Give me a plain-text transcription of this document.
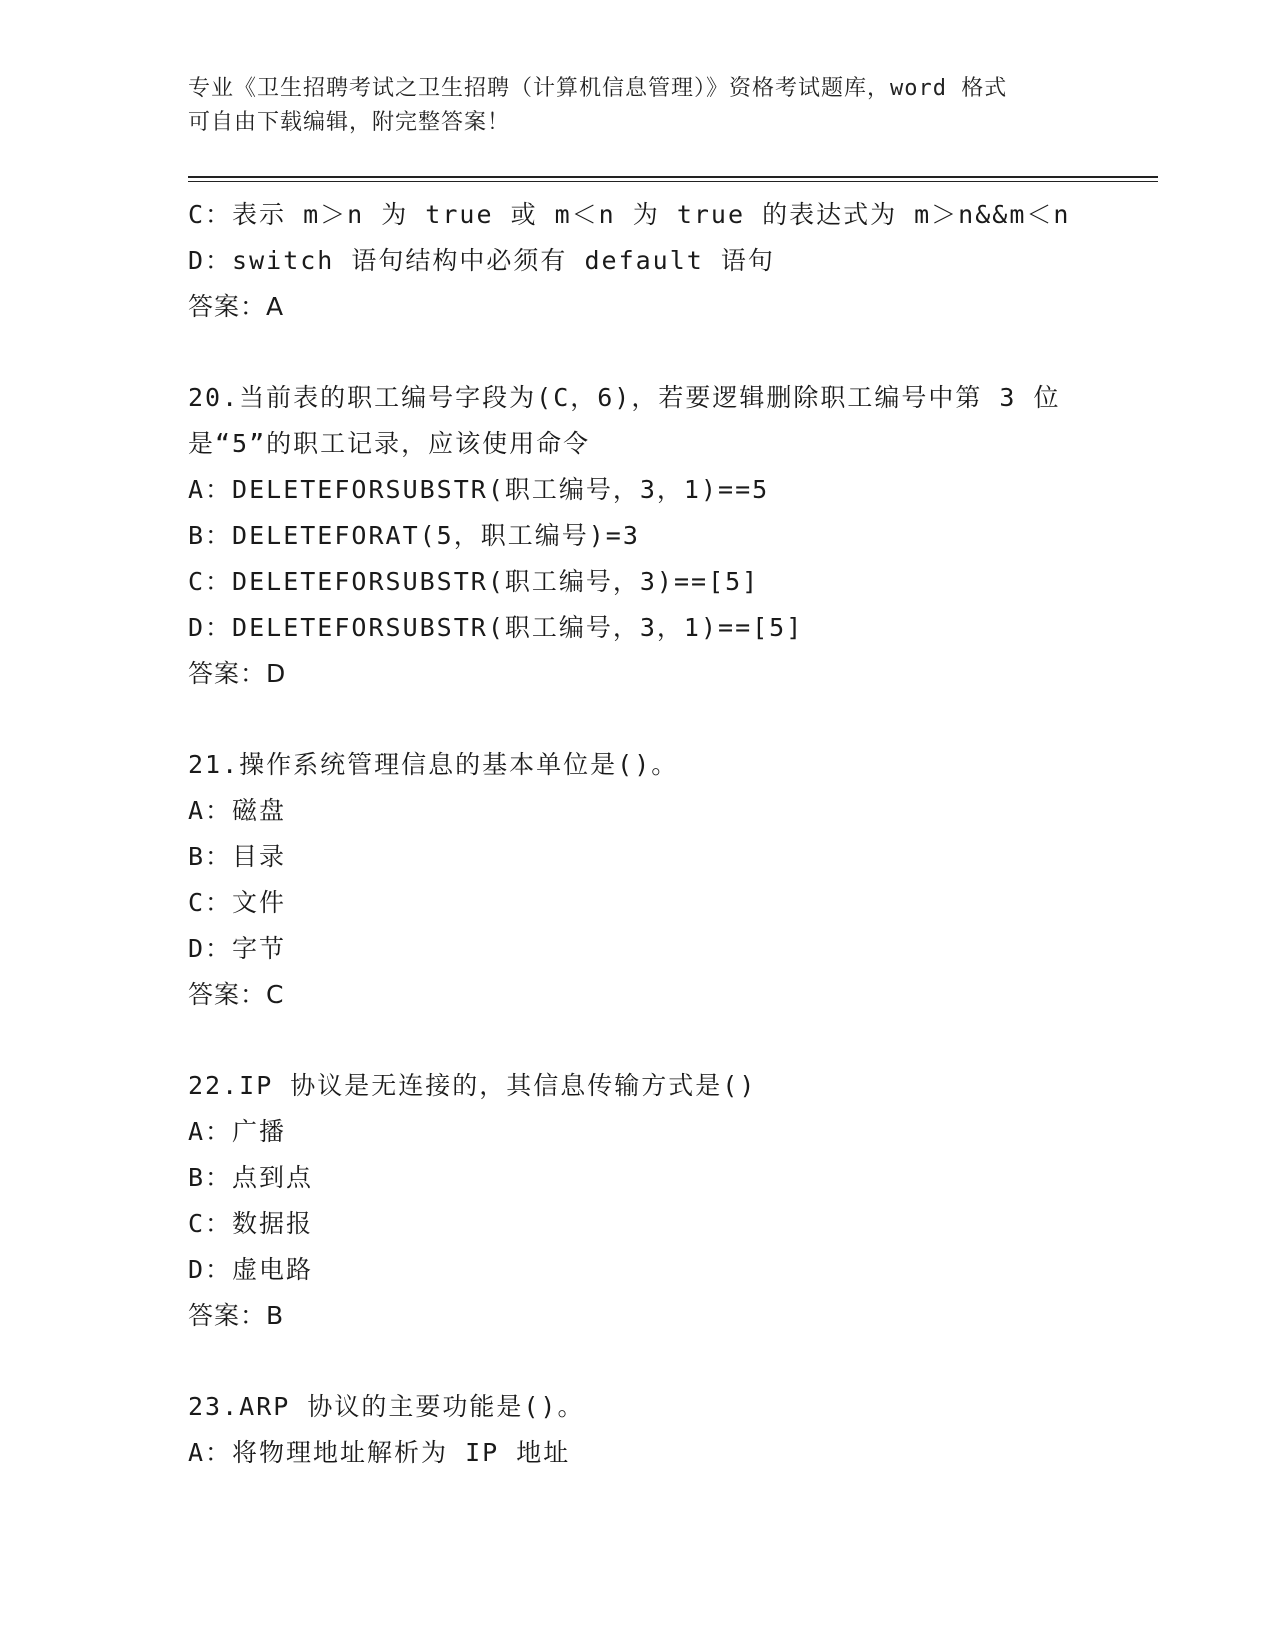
专业《卫生招聘考试之卫生招聘（计算机信息管理）》资格考试题库，word 格式
可自由下载编辑，附完整答案！
C：表示 m＞n 为 true 或 m＜n 为 true 的表达式为 m＞n&&m＜n
D：switch 语句结构中必须有 default 语句
答案：A
20.当前表的职工编号字段为(C，6)，若要逻辑删除职工编号中第 3 位
是“5”的职工记录，应该使用命令
A：DELETEFORSUBSTR(职工编号，3，1)==5
B：DELETEFORAT(5，职工编号)=3
C：DELETEFORSUBSTR(职工编号，3)==[5]
D：DELETEFORSUBSTR(职工编号，3，1)==[5]
答案：D
21.操作系统管理信息的基本单位是()。
A：磁盘
B：目录
C：文件
D：字节
答案：C
22.IP 协议是无连接的，其信息传输方式是()
A：广播
B：点到点
C：数据报
D：虚电路
答案：B
23.ARP 协议的主要功能是()。
A：将物理地址解析为 IP 地址
